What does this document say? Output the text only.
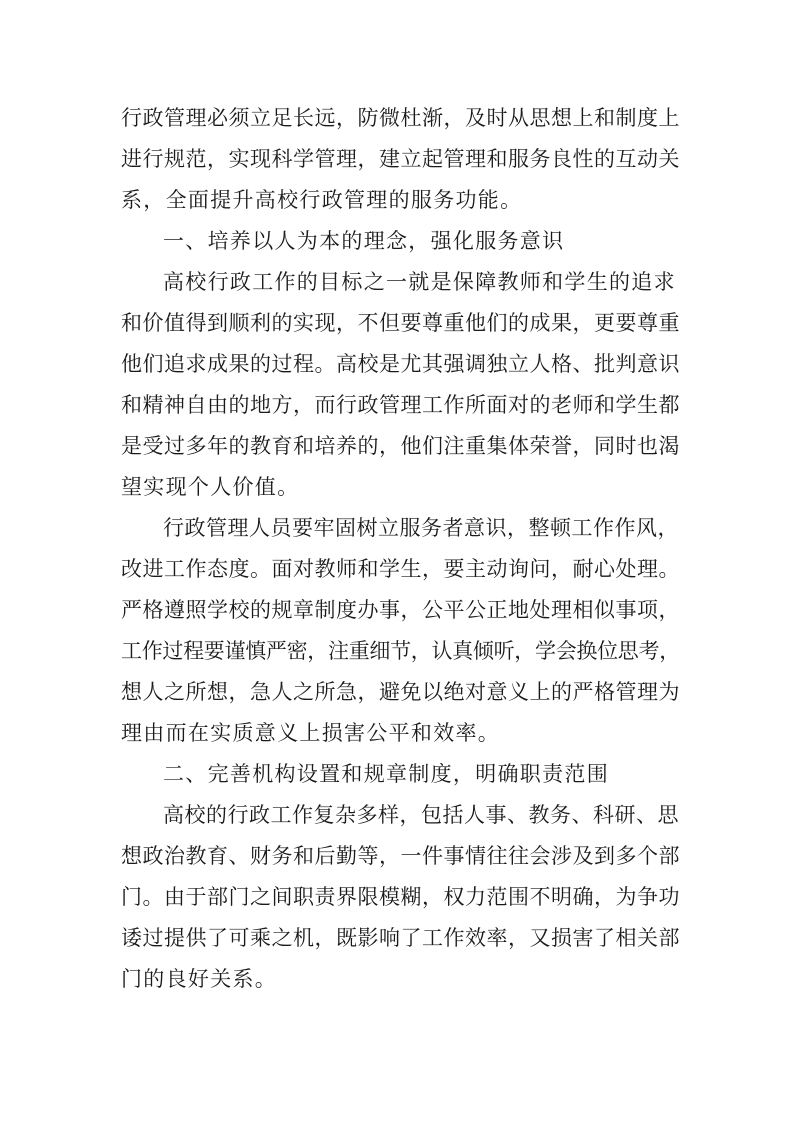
行政管理必须立足长远，防微杜渐，及时从思想上和制度上
进行规范，实现科学管理，建立起管理和服务良性的互动关
系，全面提升高校行政管理的服务功能。
一、培养以人为本的理念，强化服务意识
高校行政工作的目标之一就是保障教师和学生的追求
和价值得到顺利的实现，不但要尊重他们的成果，更要尊重
他们追求成果的过程。高校是尤其强调独立人格、批判意识
和精神自由的地方，而行政管理工作所面对的老师和学生都
是受过多年的教育和培养的，他们注重集体荣誉，同时也渴
望实现个人价值。
行政管理人员要牢固树立服务者意识，整顿工作作风，
改进工作态度。面对教师和学生，要主动询问，耐心处理。
严格遵照学校的规章制度办事，公平公正地处理相似事项，
工作过程要谨慎严密，注重细节，认真倾听，学会换位思考，
想人之所想，急人之所急，避免以绝对意义上的严格管理为
理由而在实质意义上损害公平和效率。
二、完善机构设置和规章制度，明确职责范围
高校的行政工作复杂多样，包括人事、教务、科研、思
想政治教育、财务和后勤等，一件事情往往会涉及到多个部
门。由于部门之间职责界限模糊，权力范围不明确，为争功
诿过提供了可乘之机，既影响了工作效率，又损害了相关部
门的良好关系。
